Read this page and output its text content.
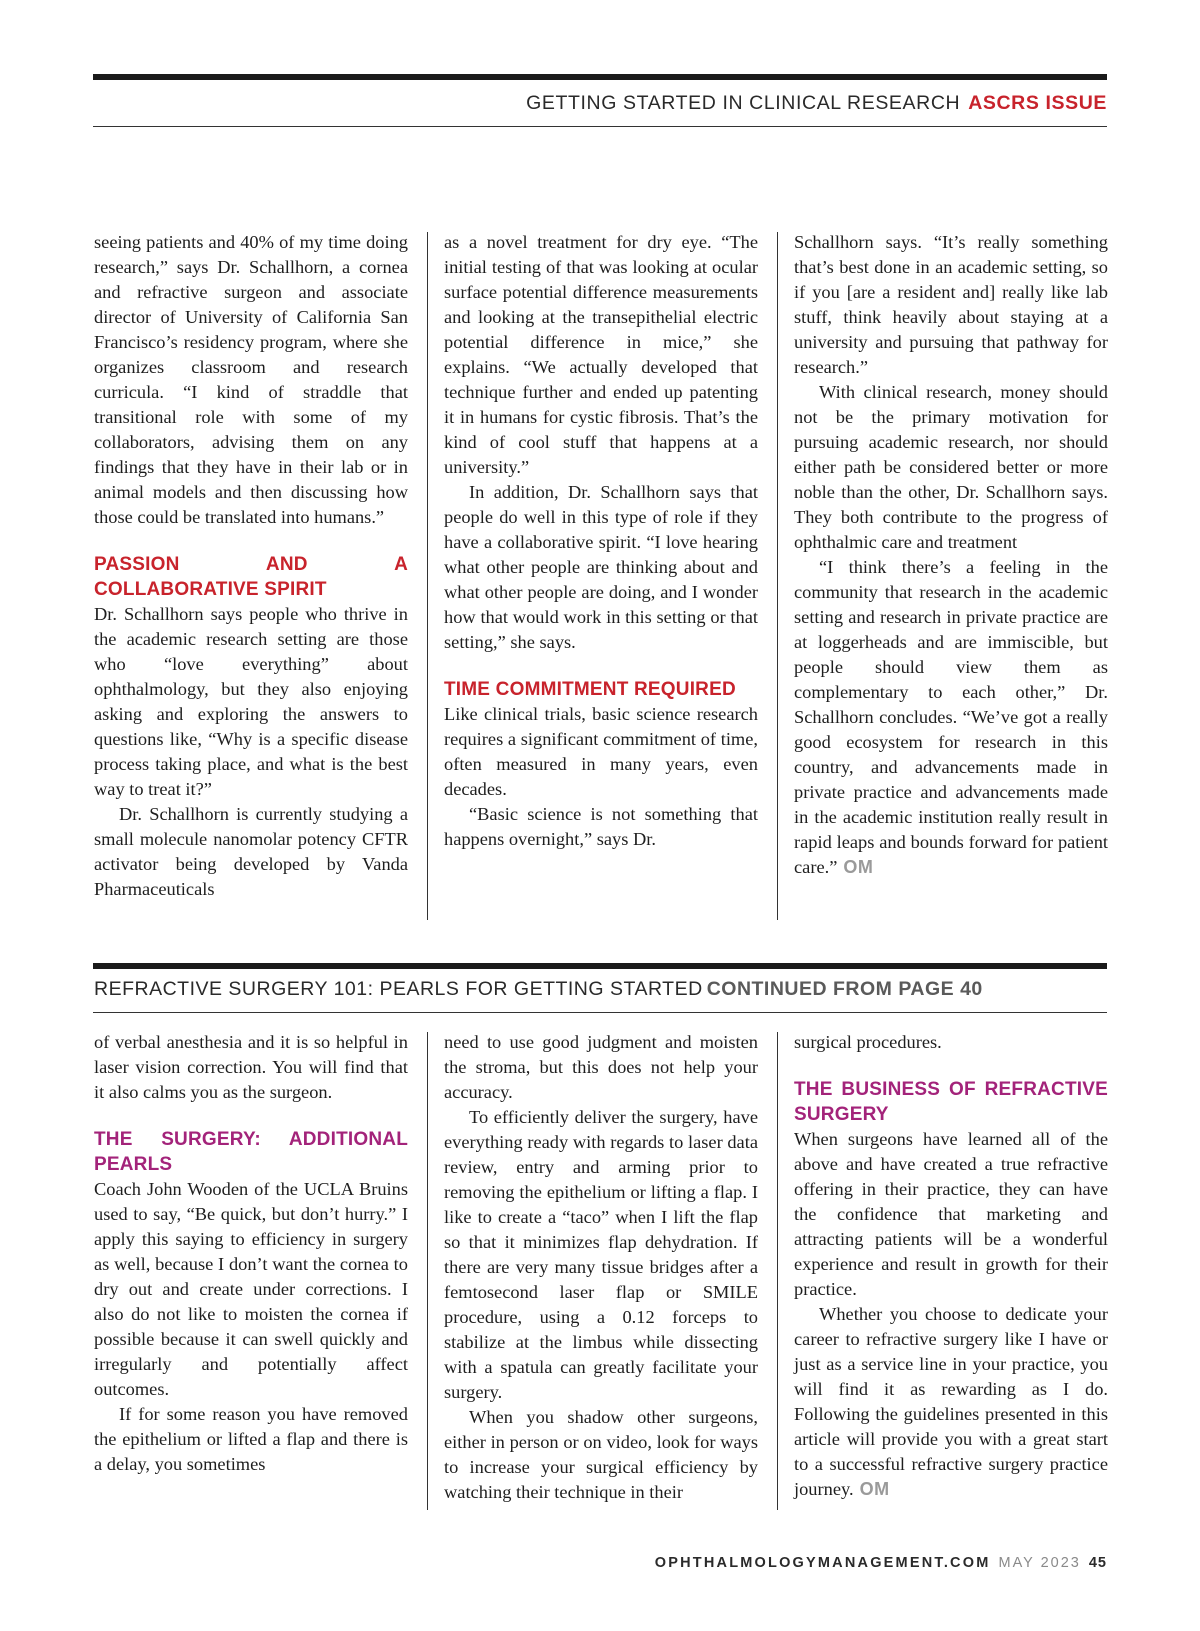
GETTING STARTED IN CLINICAL RESEARCH ASCRS ISSUE

seeing patients and 40% of my time doing research,” says Dr. Schallhorn, a cornea and refractive surgeon and associate director of University of California San Francisco’s residency program, where she organizes classroom and research curricula. “I kind of straddle that transitional role with some of my collaborators, advising them on any findings that they have in their lab or in animal models and then discussing how those could be translated into humans.”

PASSION AND A COLLABORATIVE SPIRIT

Dr. Schallhorn says people who thrive in the academic research setting are those who “love everything” about ophthalmology, but they also enjoying asking and exploring the answers to questions like, “Why is a specific disease process taking place, and what is the best way to treat it?”

Dr. Schallhorn is currently studying a small molecule nanomolar potency CFTR activator being developed by Vanda Pharmaceuticals

as a novel treatment for dry eye. “The initial testing of that was looking at ocular surface potential difference measurements and looking at the transepithelial electric potential difference in mice,” she explains. “We actually developed that technique further and ended up patenting it in humans for cystic fibrosis. That’s the kind of cool stuff that happens at a university.”

In addition, Dr. Schallhorn says that people do well in this type of role if they have a collaborative spirit. “I love hearing what other people are thinking about and what other people are doing, and I wonder how that would work in this setting or that setting,” she says.

TIME COMMITMENT REQUIRED

Like clinical trials, basic science research requires a significant commitment of time, often measured in many years, even decades.

“Basic science is not something that happens overnight,” says Dr.

Schallhorn says. “It’s really something that’s best done in an academic setting, so if you [are a resident and] really like lab stuff, think heavily about staying at a university and pursuing that pathway for research.”

With clinical research, money should not be the primary motivation for pursuing academic research, nor should either path be considered better or more noble than the other, Dr. Schallhorn says. They both contribute to the progress of ophthalmic care and treatment

“I think there’s a feeling in the community that research in the academic setting and research in private practice are at loggerheads and are immiscible, but people should view them as complementary to each other,” Dr. Schallhorn concludes. “We’ve got a really good ecosystem for research in this country, and advancements made in private practice and advancements made in the academic institution really result in rapid leaps and bounds forward for patient care.” OM

REFRACTIVE SURGERY 101: PEARLS FOR GETTING STARTED CONTINUED FROM PAGE 40

of verbal anesthesia and it is so helpful in laser vision correction. You will find that it also calms you as the surgeon.

THE SURGERY: ADDITIONAL PEARLS

Coach John Wooden of the UCLA Bruins used to say, “Be quick, but don’t hurry.” I apply this saying to efficiency in surgery as well, because I don’t want the cornea to dry out and create under corrections. I also do not like to moisten the cornea if possible because it can swell quickly and irregularly and potentially affect outcomes.

If for some reason you have removed the epithelium or lifted a flap and there is a delay, you sometimes

need to use good judgment and moisten the stroma, but this does not help your accuracy.

To efficiently deliver the surgery, have everything ready with regards to laser data review, entry and arming prior to removing the epithelium or lifting a flap. I like to create a “taco” when I lift the flap so that it minimizes flap dehydration. If there are very many tissue bridges after a femtosecond laser flap or SMILE procedure, using a 0.12 forceps to stabilize at the limbus while dissecting with a spatula can greatly facilitate your surgery.

When you shadow other surgeons, either in person or on video, look for ways to increase your surgical efficiency by watching their technique in their

surgical procedures.

THE BUSINESS OF REFRACTIVE SURGERY

When surgeons have learned all of the above and have created a true refractive offering in their practice, they can have the confidence that marketing and attracting patients will be a wonderful experience and result in growth for their practice.

Whether you choose to dedicate your career to refractive surgery like I have or just as a service line in your practice, you will find it as rewarding as I do. Following the guidelines presented in this article will provide you with a great start to a successful refractive surgery practice journey. OM

OPHTHALMOLOGYMANAGEMENT.COM MAY 2023 45
